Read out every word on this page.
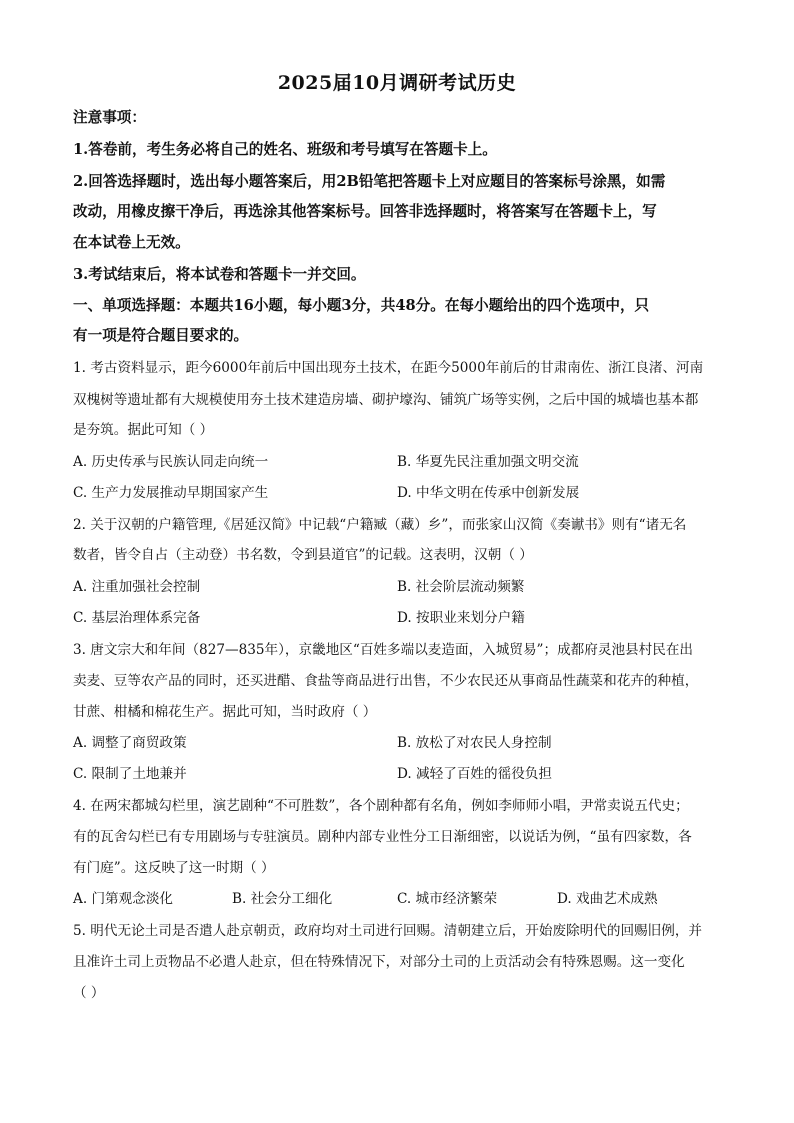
2025届10月调研考试历史
注意事项：
1.答卷前，考生务必将自己的姓名、班级和考号填写在答题卡上。
2.回答选择题时，选出每小题答案后，用2B铅笔把答题卡上对应题目的答案标号涂黑，如需
改动，用橡皮擦干净后，再选涂其他答案标号。回答非选择题时，将答案写在答题卡上，写
在本试卷上无效。
3.考试结束后，将本试卷和答题卡一并交回。
一、单项选择题：本题共16小题，每小题3分，共48分。在每小题给出的四个选项中，只
有一项是符合题目要求的。
1. 考古资料显示，距今6000年前后中国出现夯土技术，在距今5000年前后的甘肃南佐、浙江良渚、河南
双槐树等遗址都有大规模使用夯土技术建造房墙、砌护壕沟、铺筑广场等实例，之后中国的城墙也基本都
是夯筑。据此可知（ ）
A. 历史传承与民族认同走向统一	B. 华夏先民注重加强文明交流
C. 生产力发展推动早期国家产生	D. 中华文明在传承中创新发展
2. 关于汉朝的户籍管理,《居延汉简》中记载“户籍臧（藏）乡”，而张家山汉简《奏谳书》则有“诸无名
数者，皆令自占（主动登）书名数，令到县道官”的记载。这表明，汉朝（ ）
A. 注重加强社会控制	B. 社会阶层流动频繁
C. 基层治理体系完备	D. 按职业来划分户籍
3. 唐文宗大和年间（827—835年），京畿地区“百姓多端以麦造面，入城贸易”；成都府灵池县村民在出
卖麦、豆等农产品的同时，还买进醋、食盐等商品进行出售，不少农民还从事商品性蔬菜和花卉的种植，
甘蔗、柑橘和棉花生产。据此可知，当时政府（ ）
A. 调整了商贸政策	B. 放松了对农民人身控制
C. 限制了土地兼并	D. 减轻了百姓的徭役负担
4. 在两宋都城勾栏里，演艺剧种“不可胜数”，各个剧种都有名角，例如李师师小唱，尹常卖说五代史；
有的瓦舍勾栏已有专用剧场与专驻演员。剧种内部专业性分工日渐细密，以说话为例，“虽有四家数，各
有门庭”。这反映了这一时期（ ）
A. 门第观念淡化	B. 社会分工细化	C. 城市经济繁荣	D. 戏曲艺术成熟
5. 明代无论土司是否遣人赴京朝贡，政府均对土司进行回赐。清朝建立后，开始废除明代的回赐旧例，并
且准许土司上贡物品不必遣人赴京，但在特殊情况下，对部分土司的上贡活动会有特殊恩赐。这一变化
（ ）
